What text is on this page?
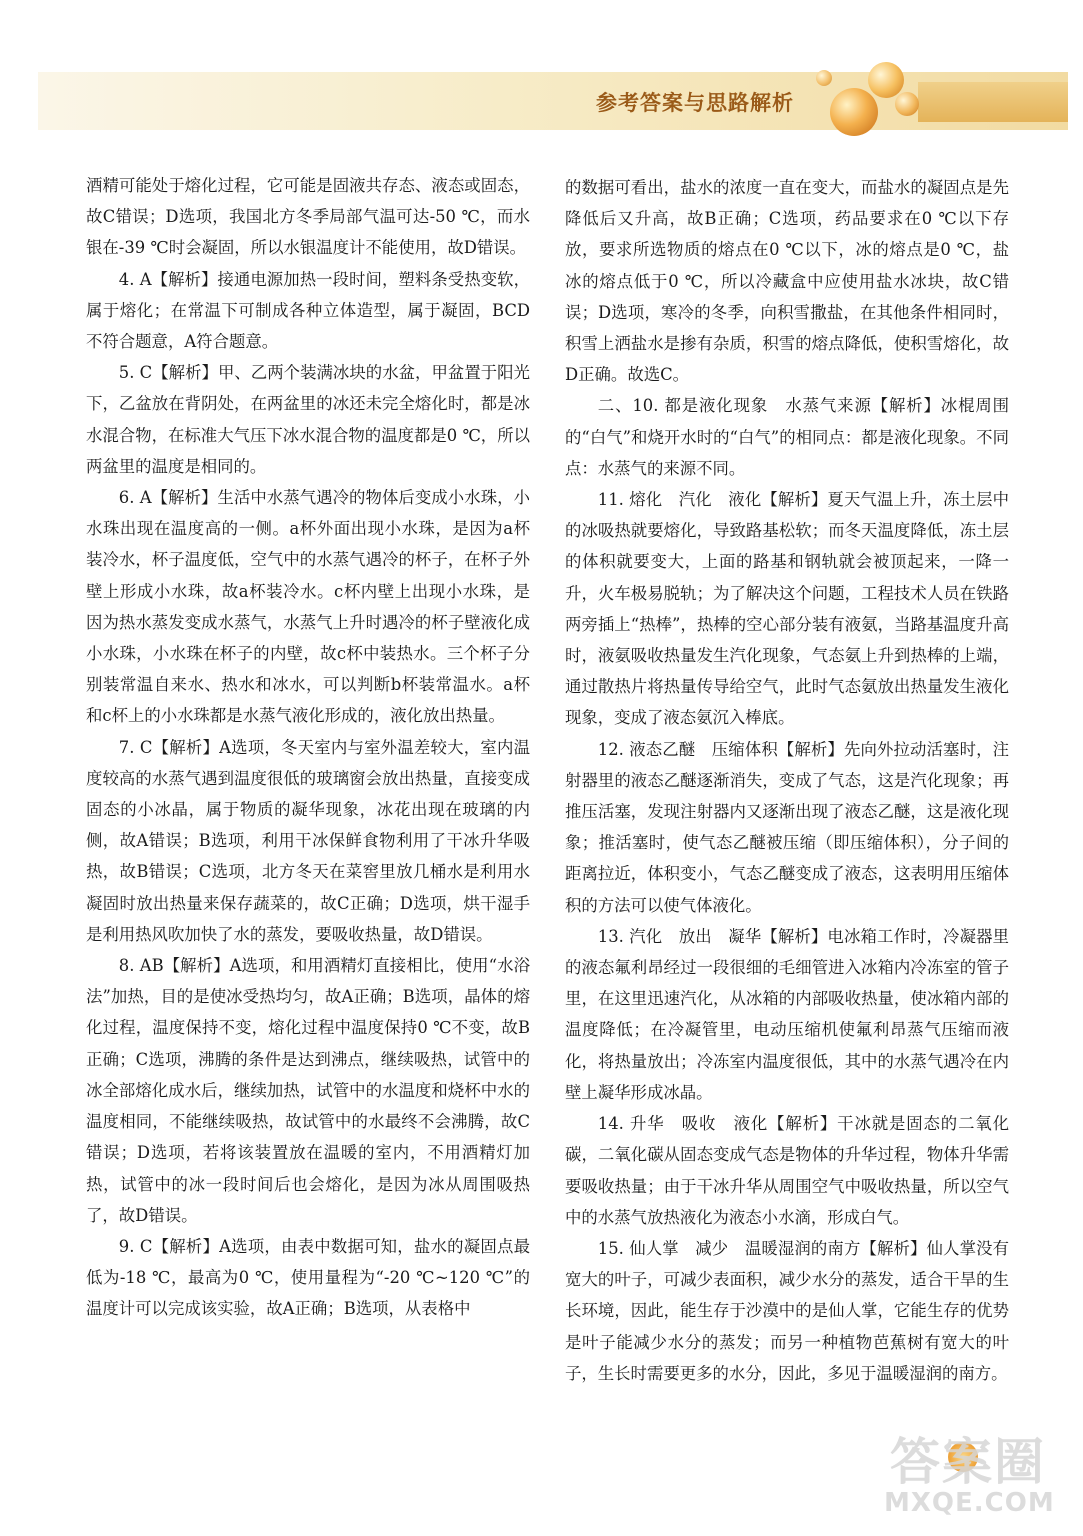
参考答案与思路解析

酒精可能处于熔化过程，它可能是固液共存态、液态或固态，故C错误；D选项，我国北方冬季局部气温可达-50 ℃，而水银在-39 ℃时会凝固，所以水银温度计不能使用，故D错误。

4. A【解析】接通电源加热一段时间，塑料条受热变软，属于熔化；在常温下可制成各种立体造型，属于凝固，BCD不符合题意，A符合题意。

5. C【解析】甲、乙两个装满冰块的水盆，甲盆置于阳光下，乙盆放在背阴处，在两盆里的冰还未完全熔化时，都是冰水混合物，在标准大气压下冰水混合物的温度都是0 ℃，所以两盆里的温度是相同的。

6. A【解析】生活中水蒸气遇冷的物体后变成小水珠，小水珠出现在温度高的一侧。a杯外面出现小水珠，是因为a杯装冷水，杯子温度低，空气中的水蒸气遇冷的杯子，在杯子外壁上形成小水珠，故a杯装冷水。c杯内壁上出现小水珠，是因为热水蒸发变成水蒸气，水蒸气上升时遇冷的杯子壁液化成小水珠，小水珠在杯子的内壁，故c杯中装热水。三个杯子分别装常温自来水、热水和冰水，可以判断b杯装常温水。a杯和c杯上的小水珠都是水蒸气液化形成的，液化放出热量。

7. C【解析】A选项，冬天室内与室外温差较大，室内温度较高的水蒸气遇到温度很低的玻璃窗会放出热量，直接变成固态的小冰晶，属于物质的凝华现象，冰花出现在玻璃的内侧，故A错误；B选项，利用干冰保鲜食物利用了干冰升华吸热，故B错误；C选项，北方冬天在菜窖里放几桶水是利用水凝固时放出热量来保存蔬菜的，故C正确；D选项，烘干湿手是利用热风吹加快了水的蒸发，要吸收热量，故D错误。

8. AB【解析】A选项，和用酒精灯直接相比，使用“水浴法”加热，目的是使冰受热均匀，故A正确；B选项，晶体的熔化过程，温度保持不变，熔化过程中温度保持0 ℃不变，故B正确；C选项，沸腾的条件是达到沸点，继续吸热，试管中的冰全部熔化成水后，继续加热，试管中的水温度和烧杯中水的温度相同，不能继续吸热，故试管中的水最终不会沸腾，故C错误；D选项，若将该装置放在温暖的室内，不用酒精灯加热，试管中的冰一段时间后也会熔化，是因为冰从周围吸热了，故D错误。

9. C【解析】A选项，由表中数据可知，盐水的凝固点最低为-18 ℃，最高为0 ℃，使用量程为“-20 ℃~120 ℃”的温度计可以完成该实验，故A正确；B选项，从表格中

的数据可看出，盐水的浓度一直在变大，而盐水的凝固点是先降低后又升高，故B正确；C选项，药品要求在0 ℃以下存放，要求所选物质的熔点在0 ℃以下，冰的熔点是0 ℃，盐冰的熔点低于0 ℃，所以冷藏盒中应使用盐水冰块，故C错误；D选项，寒冷的冬季，向积雪撒盐，在其他条件相同时，积雪上洒盐水是掺有杂质，积雪的熔点降低，使积雪熔化，故D正确。故选C。

二、10. 都是液化现象　水蒸气来源【解析】冰棍周围的“白气”和烧开水时的“白气”的相同点：都是液化现象。不同点：水蒸气的来源不同。

11. 熔化　汽化　液化【解析】夏天气温上升，冻土层中的冰吸热就要熔化，导致路基松软；而冬天温度降低，冻土层的体积就要变大，上面的路基和钢轨就会被顶起来，一降一升，火车极易脱轨；为了解决这个问题，工程技术人员在铁路两旁插上“热棒”，热棒的空心部分装有液氨，当路基温度升高时，液氨吸收热量发生汽化现象，气态氨上升到热棒的上端，通过散热片将热量传导给空气，此时气态氨放出热量发生液化现象，变成了液态氨沉入棒底。

12. 液态乙醚　压缩体积【解析】先向外拉动活塞时，注射器里的液态乙醚逐渐消失，变成了气态，这是汽化现象；再推压活塞，发现注射器内又逐渐出现了液态乙醚，这是液化现象；推活塞时，使气态乙醚被压缩（即压缩体积），分子间的距离拉近，体积变小，气态乙醚变成了液态，这表明用压缩体积的方法可以使气体液化。

13. 汽化　放出　凝华【解析】电冰箱工作时，冷凝器里的液态氟利昂经过一段很细的毛细管进入冰箱内冷冻室的管子里，在这里迅速汽化，从冰箱的内部吸收热量，使冰箱内部的温度降低；在冷凝管里，电动压缩机使氟利昂蒸气压缩而液化，将热量放出；冷冻室内温度很低，其中的水蒸气遇冷在内壁上凝华形成冰晶。

14. 升华　吸收　液化【解析】干冰就是固态的二氧化碳，二氧化碳从固态变成气态是物体的升华过程，物体升华需要吸收热量；由于干冰升华从周围空气中吸收热量，所以空气中的水蒸气放热液化为液态小水滴，形成白气。

15. 仙人掌　减少　温暖湿润的南方【解析】仙人掌没有宽大的叶子，可减少表面积，减少水分的蒸发，适合干旱的生长环境，因此，能生存于沙漠中的是仙人掌，它能生存的优势是叶子能减少水分的蒸发；而另一种植物芭蕉树有宽大的叶子，生长时需要更多的水分，因此，多见于温暖湿润的南方。

答案圈
MXQE.COM
